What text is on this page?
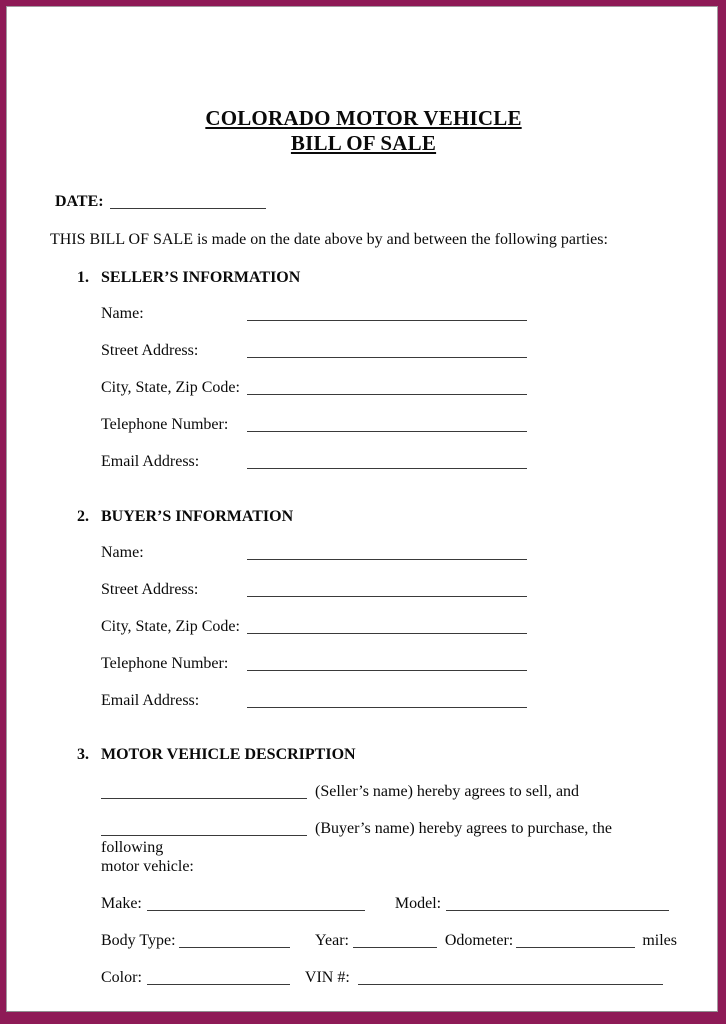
COLORADO MOTOR VEHICLE
BILL OF SALE
DATE:

THIS BILL OF SALE is made on the date above by and between the following parties:

1. SELLER’S INFORMATION
Name:
Street Address:
City, State, Zip Code:
Telephone Number:
Email Address:
2. BUYER’S INFORMATION
Name:
Street Address:
City, State, Zip Code:
Telephone Number:
Email Address:
3. MOTOR VEHICLE DESCRIPTION
(Seller’s name) hereby agrees to sell, and
(Buyer’s name) hereby agrees to purchase, the following
motor vehicle:
Make:	Model:
Body Type:	Year:	Odometer:	miles
Color:	VIN #:
